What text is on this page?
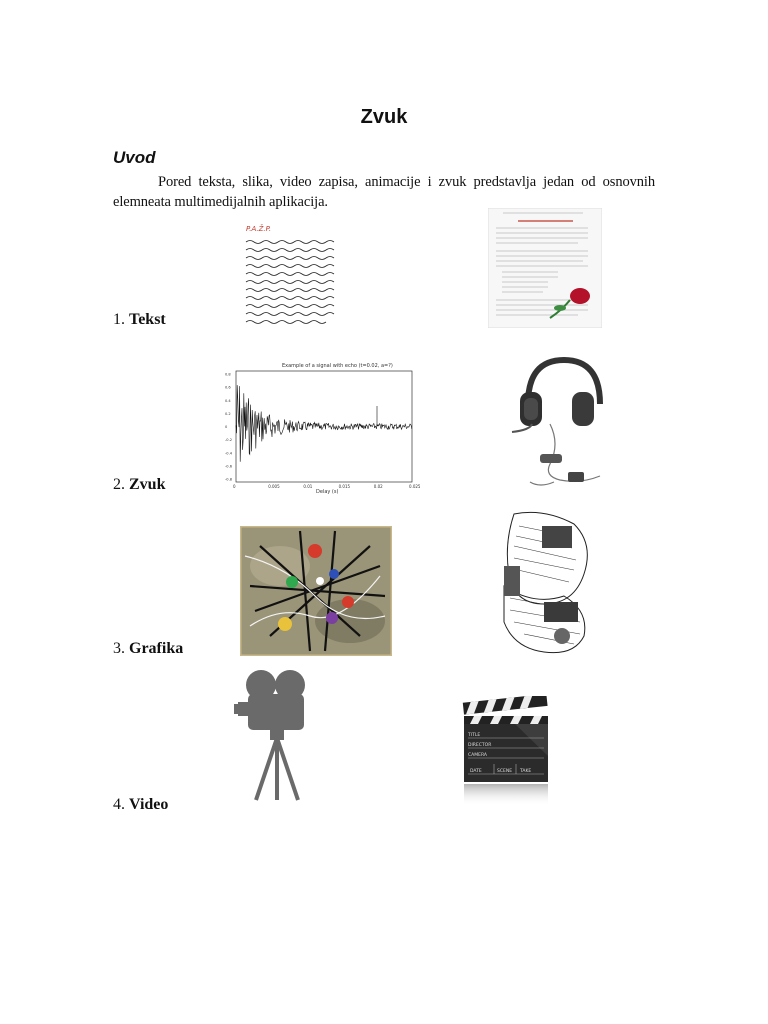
Zvuk
Uvod
Pored teksta, slika, video zapisa, animacije i zvuk predstavlja jedan od osnovnih elemneata multimedijalnih aplikacija.
1. Tekst
2. Zvuk
3. Grafika
4. Video
P.A.Ž.P.
Example of a signal with echo (t=0.02, a=?)
0	0.005	0.01	0.015	0.02	0.025
0.8
0.6
0.4
0.2
0
-0.2
-0.4
-0.6
-0.8
Delay (s)
TITLE
DIRECTOR
CAMERA
DATE	SCENE TAKE
